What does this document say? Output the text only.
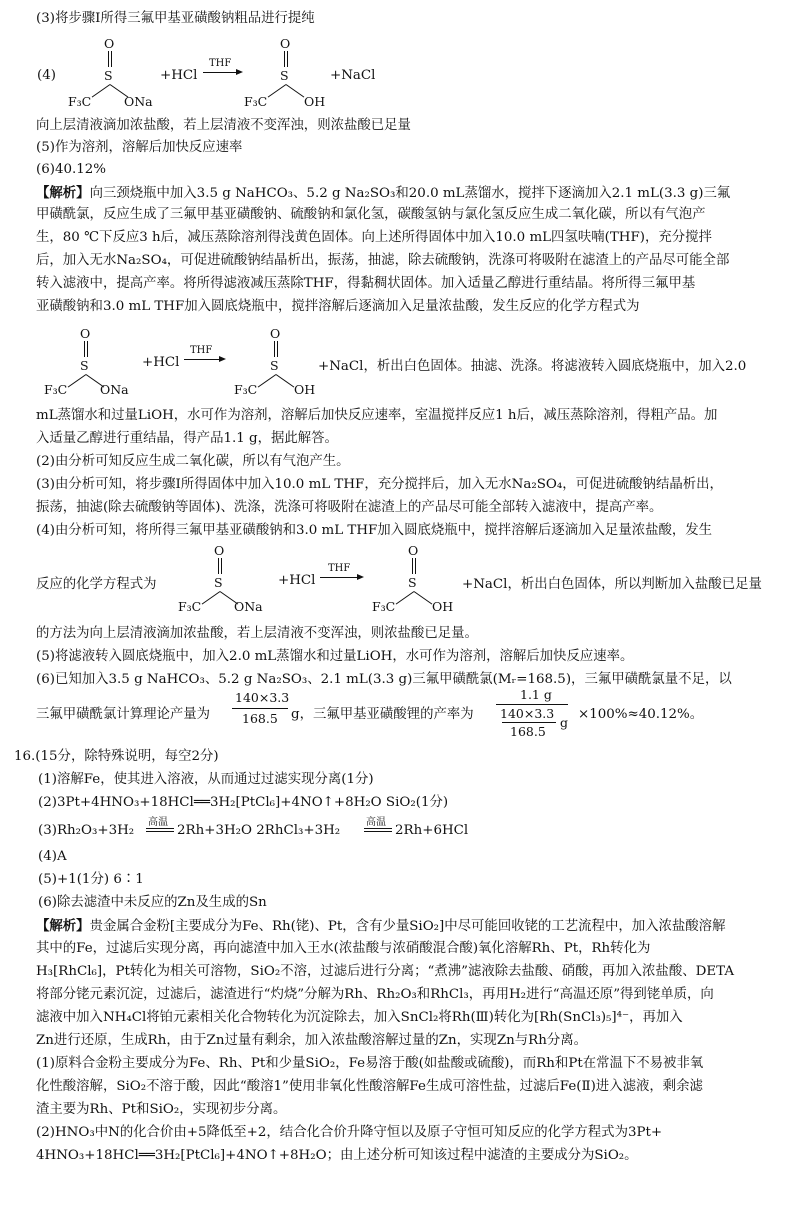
(3)将步骤Ⅰ所得三氟甲基亚磺酸钠粗品进行提纯
(4)
O
S
F₃C	ONa
+HCl
THF
O
S
F₃C	OH
+NaCl
向上层清液滴加浓盐酸，若上层清液不变浑浊，则浓盐酸已足量
(5)作为溶剂，溶解后加快反应速率
(6)40.12%
【解析】向三颈烧瓶中加入3.5 g NaHCO₃、5.2 g Na₂SO₃和20.0 mL蒸馏水，搅拌下逐滴加入2.1 mL(3.3 g)三氟
甲磺酰氯，反应生成了三氟甲基亚磺酸钠、硫酸钠和氯化氢，碳酸氢钠与氯化氢反应生成二氧化碳，所以有气泡产
生，80 ℃下反应3 h后，减压蒸除溶剂得浅黄色固体。向上述所得固体中加入10.0 mL四氢呋喃(THF)，充分搅拌
后，加入无水Na₂SO₄，可促进硫酸钠结晶析出，振荡，抽滤，除去硫酸钠，洗涤可将吸附在滤渣上的产品尽可能全部
转入滤液中，提高产率。将所得滤液减压蒸除THF，得黏稠状固体。加入适量乙醇进行重结晶。将所得三氟甲基
亚磺酸钠和3.0 mL THF加入圆底烧瓶中，搅拌溶解后逐滴加入足量浓盐酸，发生反应的化学方程式为
O
S
F₃C	ONa
+HCl
THF
O
S
F₃C	OH
+NaCl，析出白色固体。抽滤、洗涤。将滤液转入圆底烧瓶中，加入2.0
mL蒸馏水和过量LiOH，水可作为溶剂，溶解后加快反应速率，室温搅拌反应1 h后，减压蒸除溶剂，得粗产品。加
入适量乙醇进行重结晶，得产品1.1 g，据此解答。
(2)由分析可知反应生成二氧化碳，所以有气泡产生。
(3)由分析可知，将步骤Ⅰ所得固体中加入10.0 mL THF，充分搅拌后，加入无水Na₂SO₄，可促进硫酸钠结晶析出，
振荡，抽滤(除去硫酸钠等固体)、洗涤，洗涤可将吸附在滤渣上的产品尽可能全部转入滤液中，提高产率。
(4)由分析可知，将所得三氟甲基亚磺酸钠和3.0 mL THF加入圆底烧瓶中，搅拌溶解后逐滴加入足量浓盐酸，发生
反应的化学方程式为
O
S
F₃C	ONa
+HCl
THF
O
S
F₃C	OH
+NaCl，析出白色固体，所以判断加入盐酸已足量
的方法为向上层清液滴加浓盐酸，若上层清液不变浑浊，则浓盐酸已足量。
(5)将滤液转入圆底烧瓶中，加入2.0 mL蒸馏水和过量LiOH，水可作为溶剂，溶解后加快反应速率。
(6)已知加入3.5 g NaHCO₃、5.2 g Na₂SO₃、2.1 mL(3.3 g)三氟甲磺酰氯(Mᵣ=168.5)，三氟甲磺酰氯量不足，以
三氟甲磺酰氯计算理论产量为
140×3.3
168.5 g，三氟甲基亚磺酸锂的产率为
1.1 g
140×3.3
168.5
g
×100%≈40.12%。
16.(15分，除特殊说明，每空2分)
(1)溶解Fe，使其进入溶液，从而通过过滤实现分离(1分)
(2)3Pt+4HNO₃+18HCl══3H₂[PtCl₆]+4NO↑+8H₂O SiO₂(1分)
(3)Rh₂O₃+3H₂
高温
2Rh+3H₂O 2RhCl₃+3H₂
高温
2Rh+6HCl
(4)A
(5)+1(1分) 6∶1
(6)除去滤渣中未反应的Zn及生成的Sn
【解析】贵金属合金粉[主要成分为Fe、Rh(铑)、Pt，含有少量SiO₂]中尽可能回收铑的工艺流程中，加入浓盐酸溶解
其中的Fe，过滤后实现分离，再向滤渣中加入王水(浓盐酸与浓硝酸混合酸)氧化溶解Rh、Pt，Rh转化为
H₃[RhCl₆]，Pt转化为相关可溶物，SiO₂不溶，过滤后进行分离；“煮沸”滤液除去盐酸、硝酸，再加入浓盐酸、DETA
将部分铑元素沉淀，过滤后，滤渣进行“灼烧”分解为Rh、Rh₂O₃和RhCl₃，再用H₂进行“高温还原”得到铑单质，向
滤液中加入NH₄Cl将铂元素相关化合物转化为沉淀除去，加入SnCl₂将Rh(Ⅲ)转化为[Rh(SnCl₃)₅]⁴⁻，再加入
Zn进行还原，生成Rh，由于Zn过量有剩余，加入浓盐酸溶解过量的Zn，实现Zn与Rh分离。
(1)原料合金粉主要成分为Fe、Rh、Pt和少量SiO₂，Fe易溶于酸(如盐酸或硫酸)，而Rh和Pt在常温下不易被非氧
化性酸溶解，SiO₂不溶于酸，因此“酸溶1”使用非氧化性酸溶解Fe生成可溶性盐，过滤后Fe(Ⅱ)进入滤液，剩余滤
渣主要为Rh、Pt和SiO₂，实现初步分离。
(2)HNO₃中N的化合价由+5降低至+2，结合化合价升降守恒以及原子守恒可知反应的化学方程式为3Pt+
4HNO₃+18HCl══3H₂[PtCl₆]+4NO↑+8H₂O；由上述分析可知该过程中滤渣的主要成分为SiO₂。
